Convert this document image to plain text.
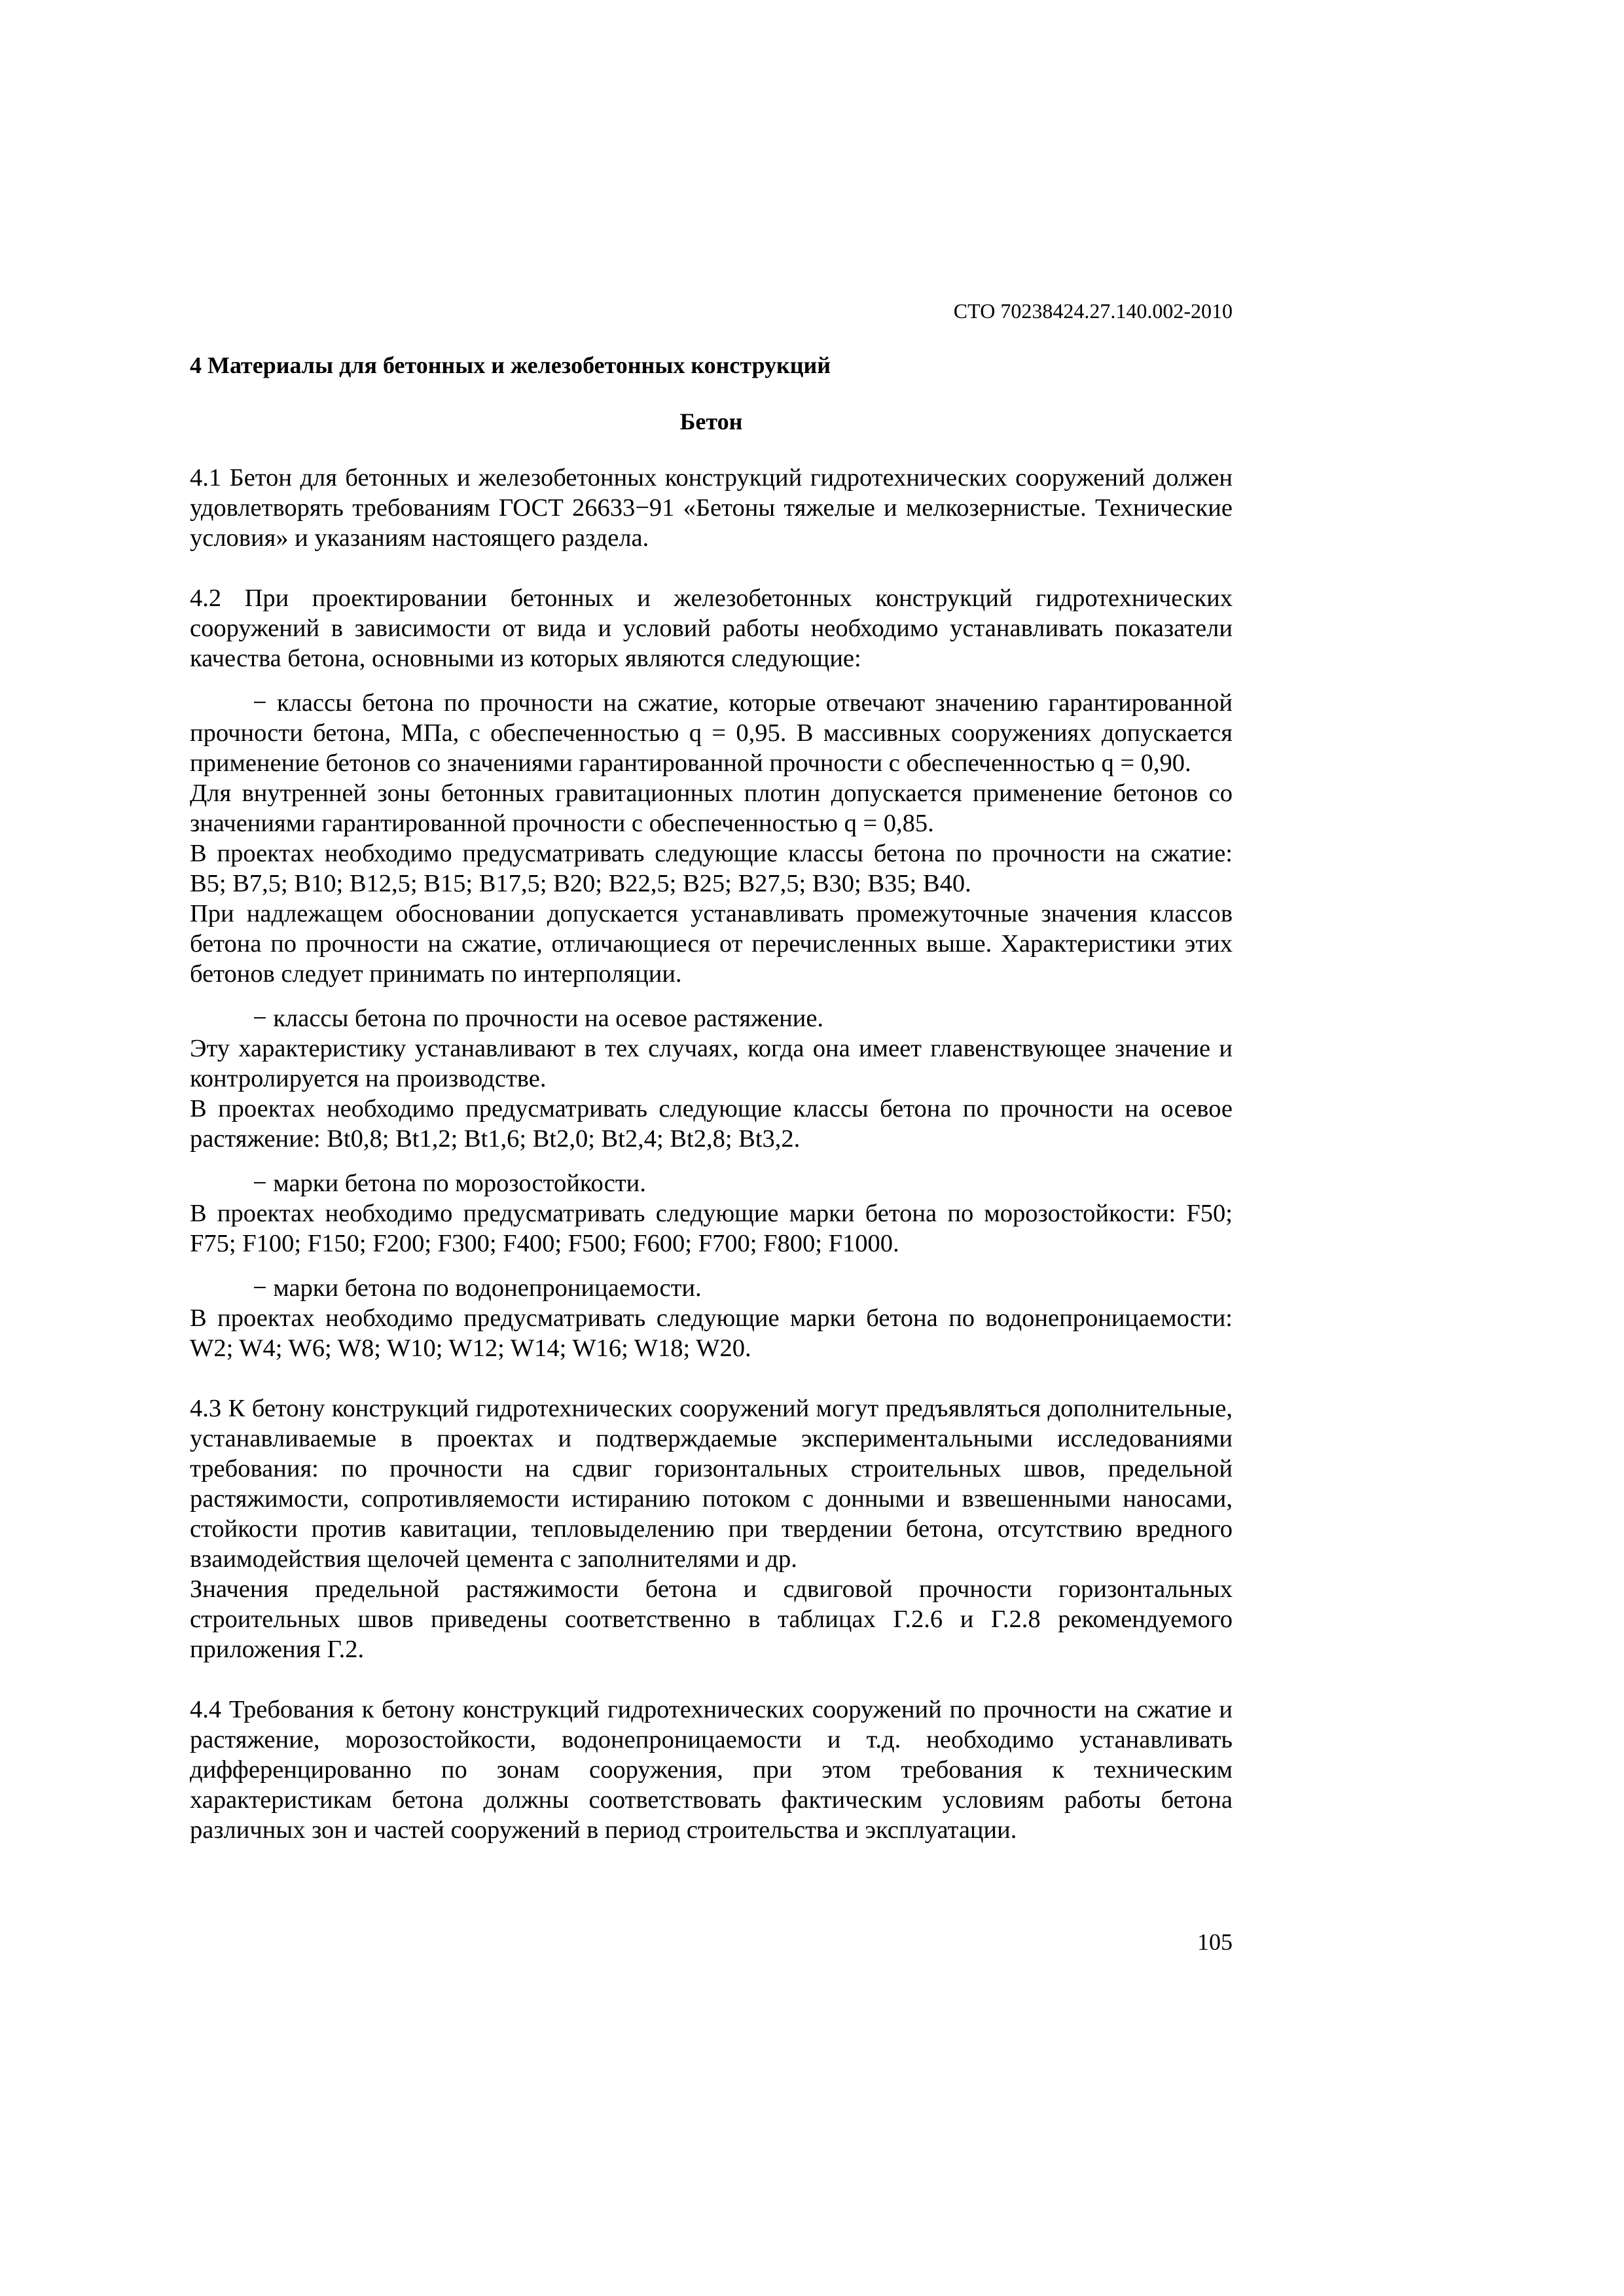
СТО 70238424.27.140.002-2010
4 Материалы для бетонных и железобетонных конструкций
Бетон

4.1 Бетон для бетонных и железобетонных конструкций гидротехнических сооружений должен удовлетворять требованиям ГОСТ 26633−91 «Бетоны тяжелые и мелкозернистые. Технические условия» и указаниям настоящего раздела.

4.2 При проектировании бетонных и железобетонных конструкций гидротехнических сооружений в зависимости от вида и условий работы необходимо устанавливать показатели качества бетона, основными из которых являются следующие:

− классы бетона по прочности на сжатие, которые отвечают значению гарантированной прочности бетона, МПа, с обеспеченностью q = 0,95. В массивных сооружениях допускается применение бетонов со значениями гарантированной прочности с обеспеченностью q = 0,90.

Для внутренней зоны бетонных гравитационных плотин допускается применение бетонов со значениями гарантированной прочности с обеспеченностью q = 0,85.

В проектах необходимо предусматривать следующие классы бетона по прочности на сжатие: B5; B7,5; B10; B12,5; B15; B17,5; B20; B22,5; B25; B27,5; B30; B35; B40.

При надлежащем обосновании допускается устанавливать промежуточные значения классов бетона по прочности на сжатие, отличающиеся от перечисленных выше. Характеристики этих бетонов следует принимать по интерполяции.

− классы бетона по прочности на осевое растяжение.

Эту характеристику устанавливают в тех случаях, когда она имеет главенствующее значение и контролируется на производстве.

В проектах необходимо предусматривать следующие классы бетона по прочности на осевое растяжение: Bt0,8; Bt1,2; Bt1,6; Bt2,0; Bt2,4; Bt2,8; Bt3,2.

− марки бетона по морозостойкости.

В проектах необходимо предусматривать следующие марки бетона по морозостойкости: F50; F75; F100; F150; F200; F300; F400; F500; F600; F700; F800; F1000.

− марки бетона по водонепроницаемости.

В проектах необходимо предусматривать следующие марки бетона по водонепроницаемости: W2; W4; W6; W8; W10; W12; W14; W16; W18; W20.

4.3 К бетону конструкций гидротехнических сооружений могут предъявляться дополнительные, устанавливаемые в проектах и подтверждаемые экспериментальными исследованиями требования: по прочности на сдвиг горизонтальных строительных швов, предельной растяжимости, сопротивляемости истиранию потоком с донными и взвешенными наносами, стойкости против кавитации, тепловыделению при твердении бетона, отсутствию вредного взаимодействия щелочей цемента с заполнителями и др.

Значения предельной растяжимости бетона и сдвиговой прочности горизонтальных строительных швов приведены соответственно в таблицах Г.2.6 и Г.2.8 рекомендуемого приложения Г.2.

4.4 Требования к бетону конструкций гидротехнических сооружений по прочности на сжатие и растяжение, морозостойкости, водонепроницаемости и т.д. необходимо устанавливать дифференцированно по зонам сооружения, при этом требования к техническим характеристикам бетона должны соответствовать фактическим условиям работы бетона различных зон и частей сооружений в период строительства и эксплуатации.

105
